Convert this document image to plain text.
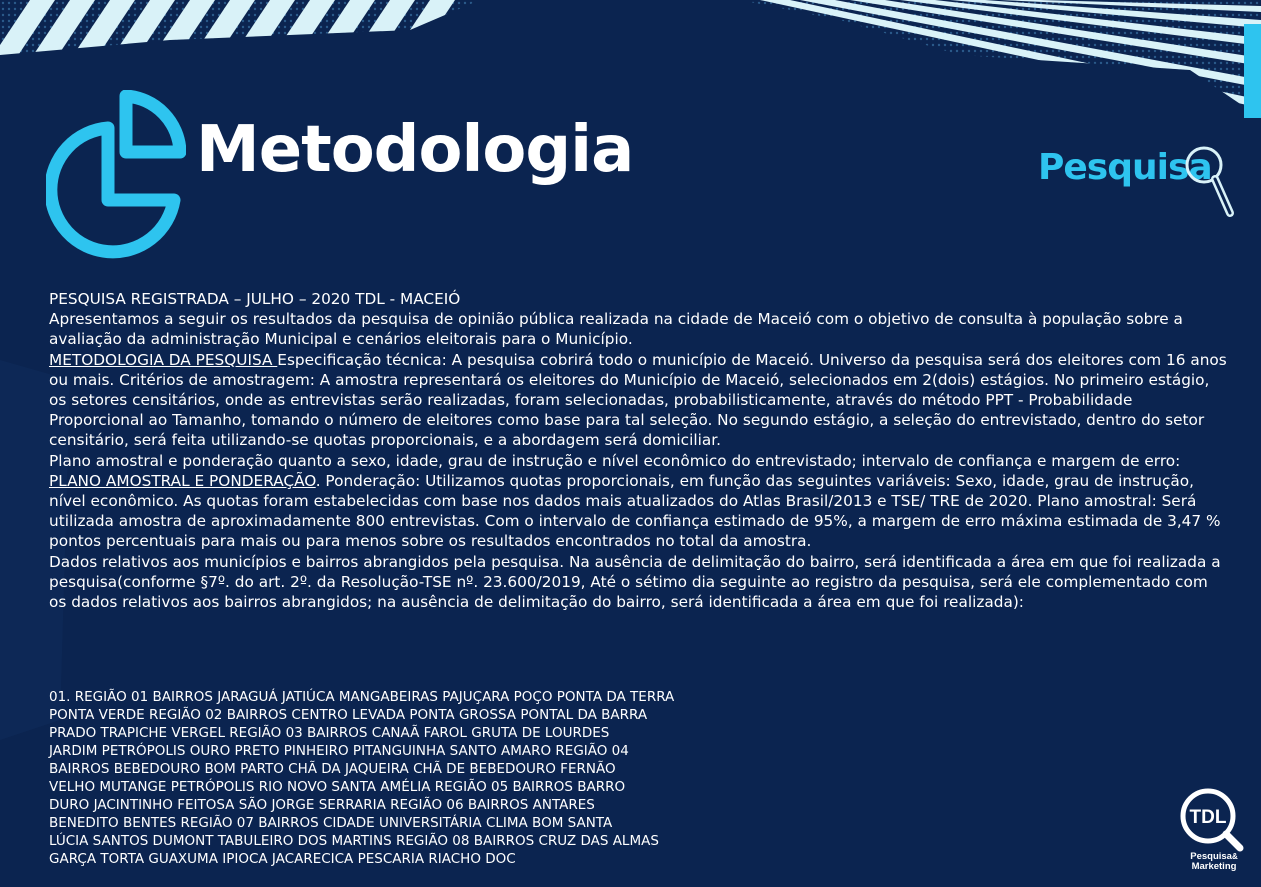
Metodologia	Pesquisa

PESQUISA REGISTRADA – JULHO – 2020 TDL - MACEIÓ

Apresentamos a seguir os resultados da pesquisa de opinião pública realizada na cidade de Maceió com o objetivo de consulta à população sobre a avaliação da administração Municipal e cenários eleitorais para o Município.

METODOLOGIA DA PESQUISA Especificação técnica: A pesquisa cobrirá todo o município de Maceió. Universo da pesquisa será dos eleitores com 16 anos ou mais. Critérios de amostragem: A amostra representará os eleitores do Município de Maceió, selecionados em 2(dois) estágios. No primeiro estágio, os setores censitários, onde as entrevistas serão realizadas, foram selecionadas, probabilisticamente, através do método PPT - Probabilidade Proporcional ao Tamanho, tomando o número de eleitores como base para tal seleção. No segundo estágio, a seleção do entrevistado, dentro do setor censitário, será feita utilizando-se quotas proporcionais, e a abordagem será domiciliar.

Plano amostral e ponderação quanto a sexo, idade, grau de instrução e nível econômico do entrevistado; intervalo de confiança e margem de erro:

PLANO AMOSTRAL E PONDERAÇÃO. Ponderação: Utilizamos quotas proporcionais, em função das seguintes variáveis: Sexo, idade, grau de instrução, nível econômico. As quotas foram estabelecidas com base nos dados mais atualizados do Atlas Brasil/2013 e TSE/ TRE de 2020. Plano amostral: Será utilizada amostra de aproximadamente 800 entrevistas. Com o intervalo de confiança estimado de 95%, a margem de erro máxima estimada de 3,47 % pontos percentuais para mais ou para menos sobre os resultados encontrados no total da amostra.

Dados relativos aos municípios e bairros abrangidos pela pesquisa. Na ausência de delimitação do bairro, será identificada a área em que foi realizada a pesquisa(conforme §7º. do art. 2º. da Resolução-TSE nº. 23.600/2019, Até o sétimo dia seguinte ao registro da pesquisa, será ele complementado com os dados relativos aos bairros abrangidos; na ausência de delimitação do bairro, será identificada a área em que foi realizada):

01. REGIÃO 01 BAIRROS JARAGUÁ JATIÚCA MANGABEIRAS PAJUÇARA POÇO PONTA DA TERRA
PONTA VERDE REGIÃO 02 BAIRROS CENTRO LEVADA PONTA GROSSA PONTAL DA BARRA
PRADO TRAPICHE VERGEL REGIÃO 03 BAIRROS CANAÃ FAROL GRUTA DE LOURDES
JARDIM PETRÓPOLIS OURO PRETO PINHEIRO PITANGUINHA SANTO AMARO REGIÃO 04
BAIRROS BEBEDOURO BOM PARTO CHÃ DA JAQUEIRA CHÃ DE BEBEDOURO FERNÃO
VELHO MUTANGE PETRÓPOLIS RIO NOVO SANTA AMÉLIA REGIÃO 05 BAIRROS BARRO
DURO JACINTINHO FEITOSA SÃO JORGE SERRARIA REGIÃO 06 BAIRROS ANTARES
BENEDITO BENTES REGIÃO 07 BAIRROS CIDADE UNIVERSITÁRIA CLIMA BOM SANTA
LÚCIA SANTOS DUMONT TABULEIRO DOS MARTINS REGIÃO 08 BAIRROS CRUZ DAS ALMAS
GARÇA TORTA GUAXUMA IPIOCA JACARECICA PESCARIA RIACHO DOC
TDL
Pesquisa&
Marketing
